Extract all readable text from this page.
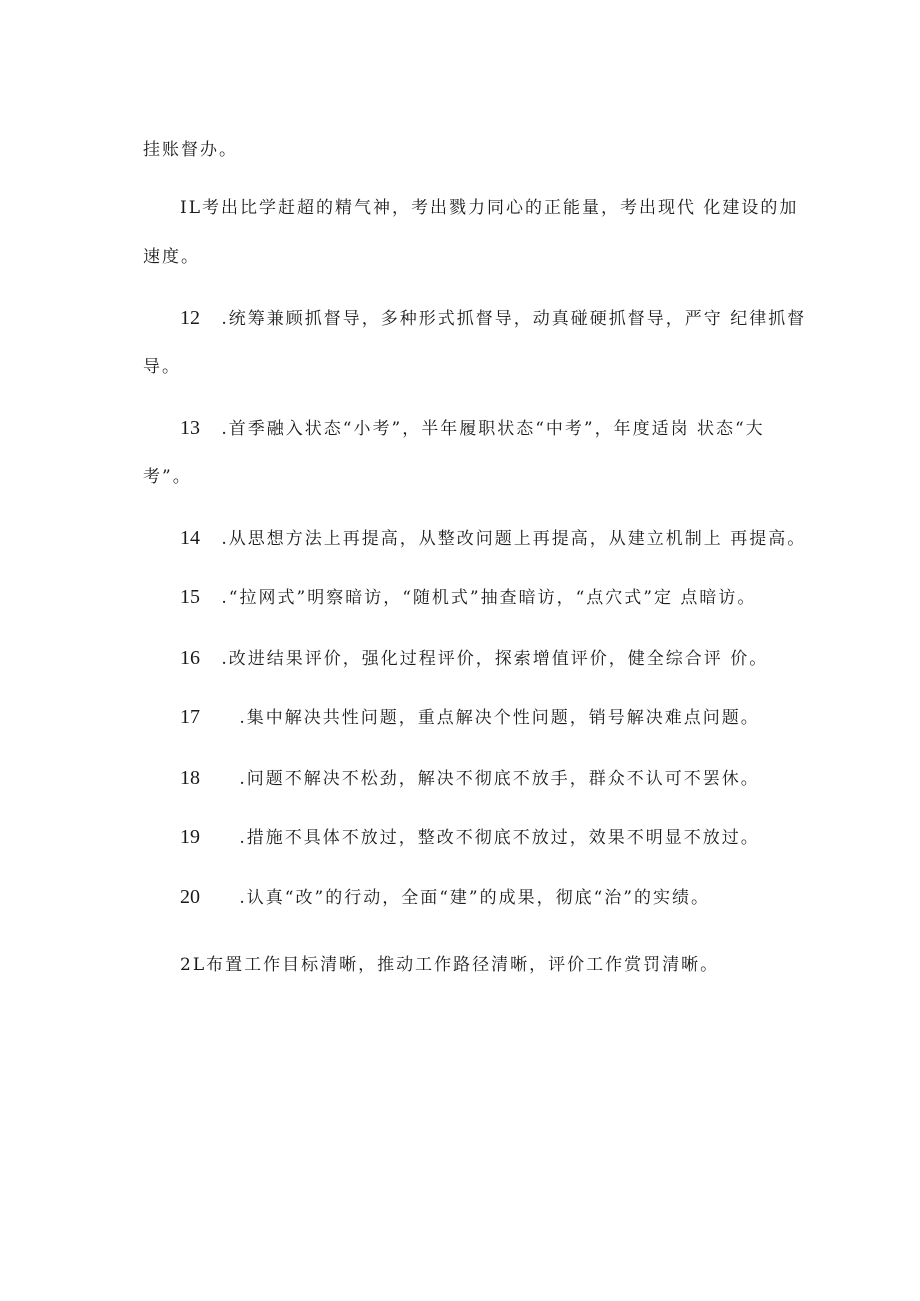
挂账督办。
IL考出比学赶超的精气神，考出戮力同心的正能量，考出现代 化建设的加
速度。
12 .统筹兼顾抓督导，多种形式抓督导，动真碰硬抓督导，严守 纪律抓督
导。
13 .首季融入状态“小考”，半年履职状态“中考”，年度适岗 状态“大
考”。
14 .从思想方法上再提高，从整改问题上再提高，从建立机制上 再提高。
15 .“拉网式”明察暗访，“随机式”抽查暗访，“点穴式”定 点暗访。
16 .改进结果评价，强化过程评价，探索增值评价，健全综合评 价。
17 .集中解决共性问题，重点解决个性问题，销号解决难点问题。
18 .问题不解决不松劲，解决不彻底不放手，群众不认可不罢休。
19 .措施不具体不放过，整改不彻底不放过，效果不明显不放过。
20 .认真“改”的行动，全面“建”的成果，彻底“治”的实绩。
2L布置工作目标清晰，推动工作路径清晰，评价工作赏罚清晰。
